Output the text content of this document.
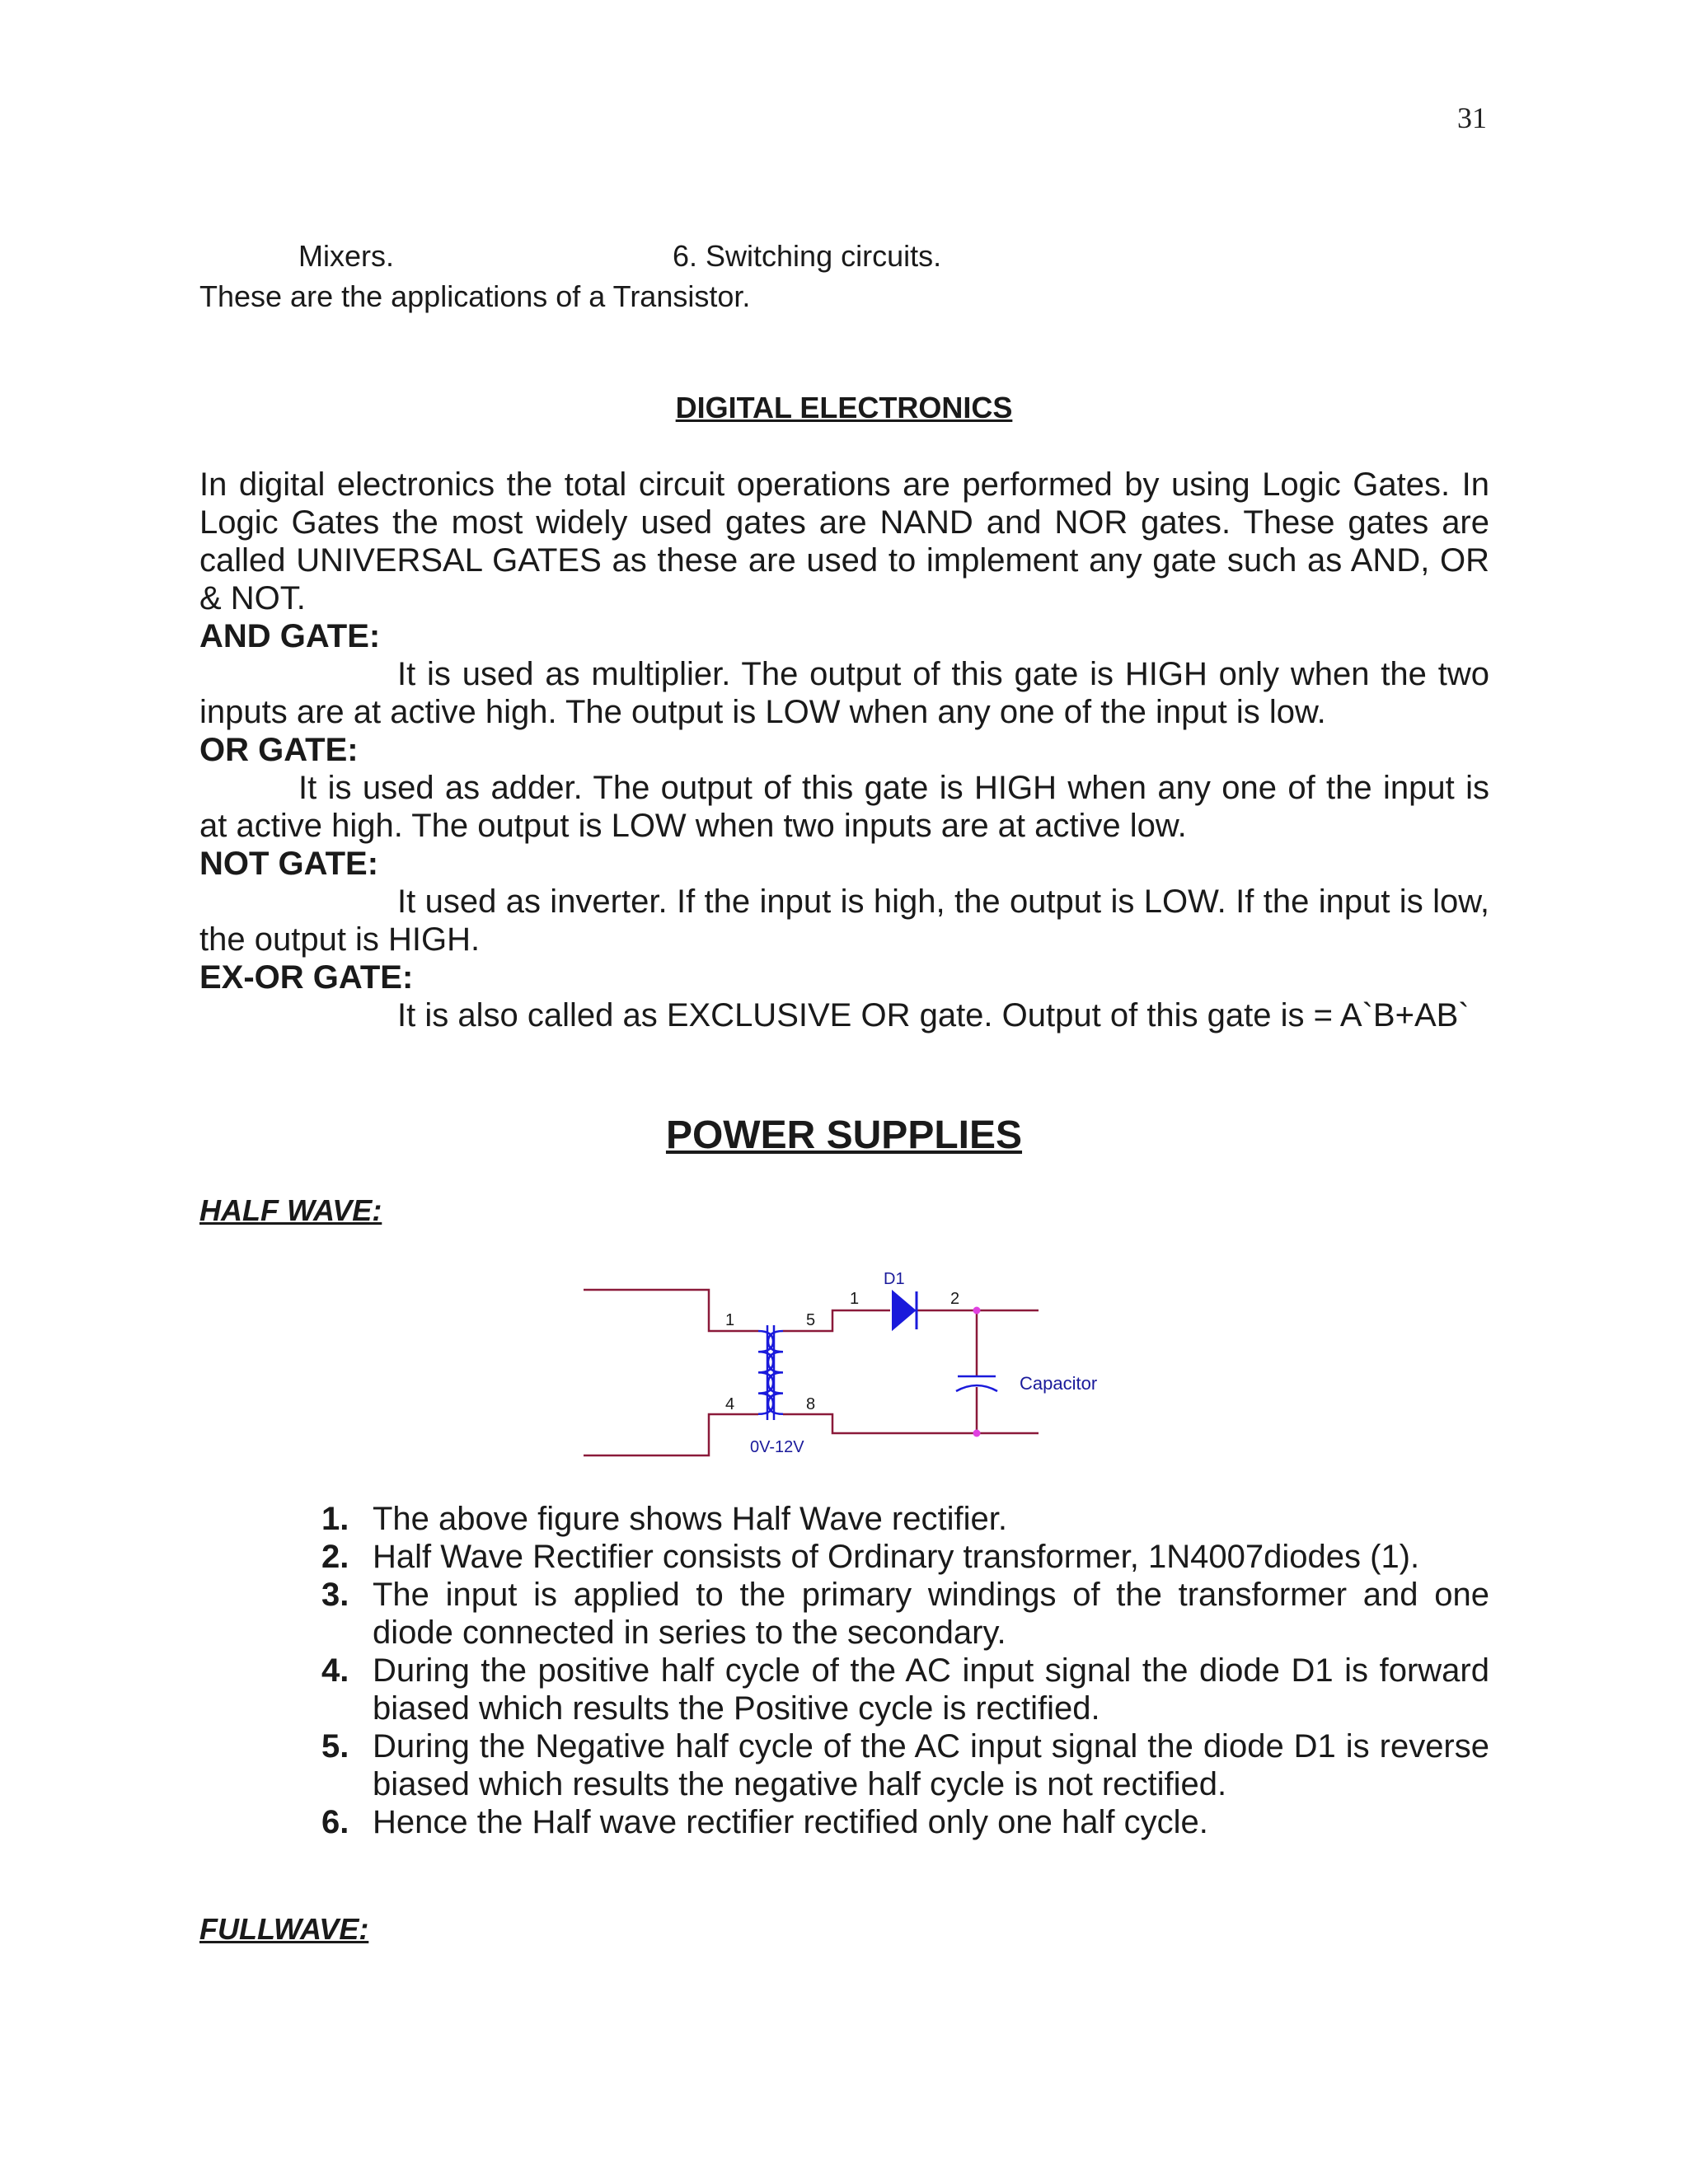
31
Mixers.	6. Switching circuits.
These are the applications of a Transistor.
DIGITAL ELECTRONICS
In digital electronics the total circuit operations are performed by using Logic Gates. In Logic Gates the most widely used gates are NAND and NOR gates. These gates are called UNIVERSAL GATES as these are used to implement any gate such as AND, OR & NOT.
AND GATE:
It is used as multiplier. The output of this gate is HIGH only when the two inputs are at active high. The output is LOW when any one of the input is low.
OR GATE:
It is used as adder. The output of this gate is HIGH when any one of the input is at active high. The output is LOW when two inputs are at active low.
NOT GATE:
It used as inverter. If the input is high, the output is LOW. If the input is low, the output is HIGH.
EX-OR GATE:
It is also called as EXCLUSIVE OR gate. Output of this gate is = A`B+AB`
POWER SUPPLIES
HALF WAVE:
1	5
4	8
1	2
D1
Capacitor
0V-12V
1. The above figure shows Half Wave rectifier.
2. Half Wave Rectifier consists of Ordinary transformer, 1N4007diodes (1).
3. The input is applied to the primary windings of the transformer and one diode connected in series to the secondary.
4. During the positive half cycle of the AC input signal the diode D1 is forward biased which results the Positive cycle is rectified.
5. During the Negative half cycle of the AC input signal the diode D1 is reverse biased which results the negative half cycle is not rectified.
6. Hence the Half wave rectifier rectified only one half cycle.
FULLWAVE:
